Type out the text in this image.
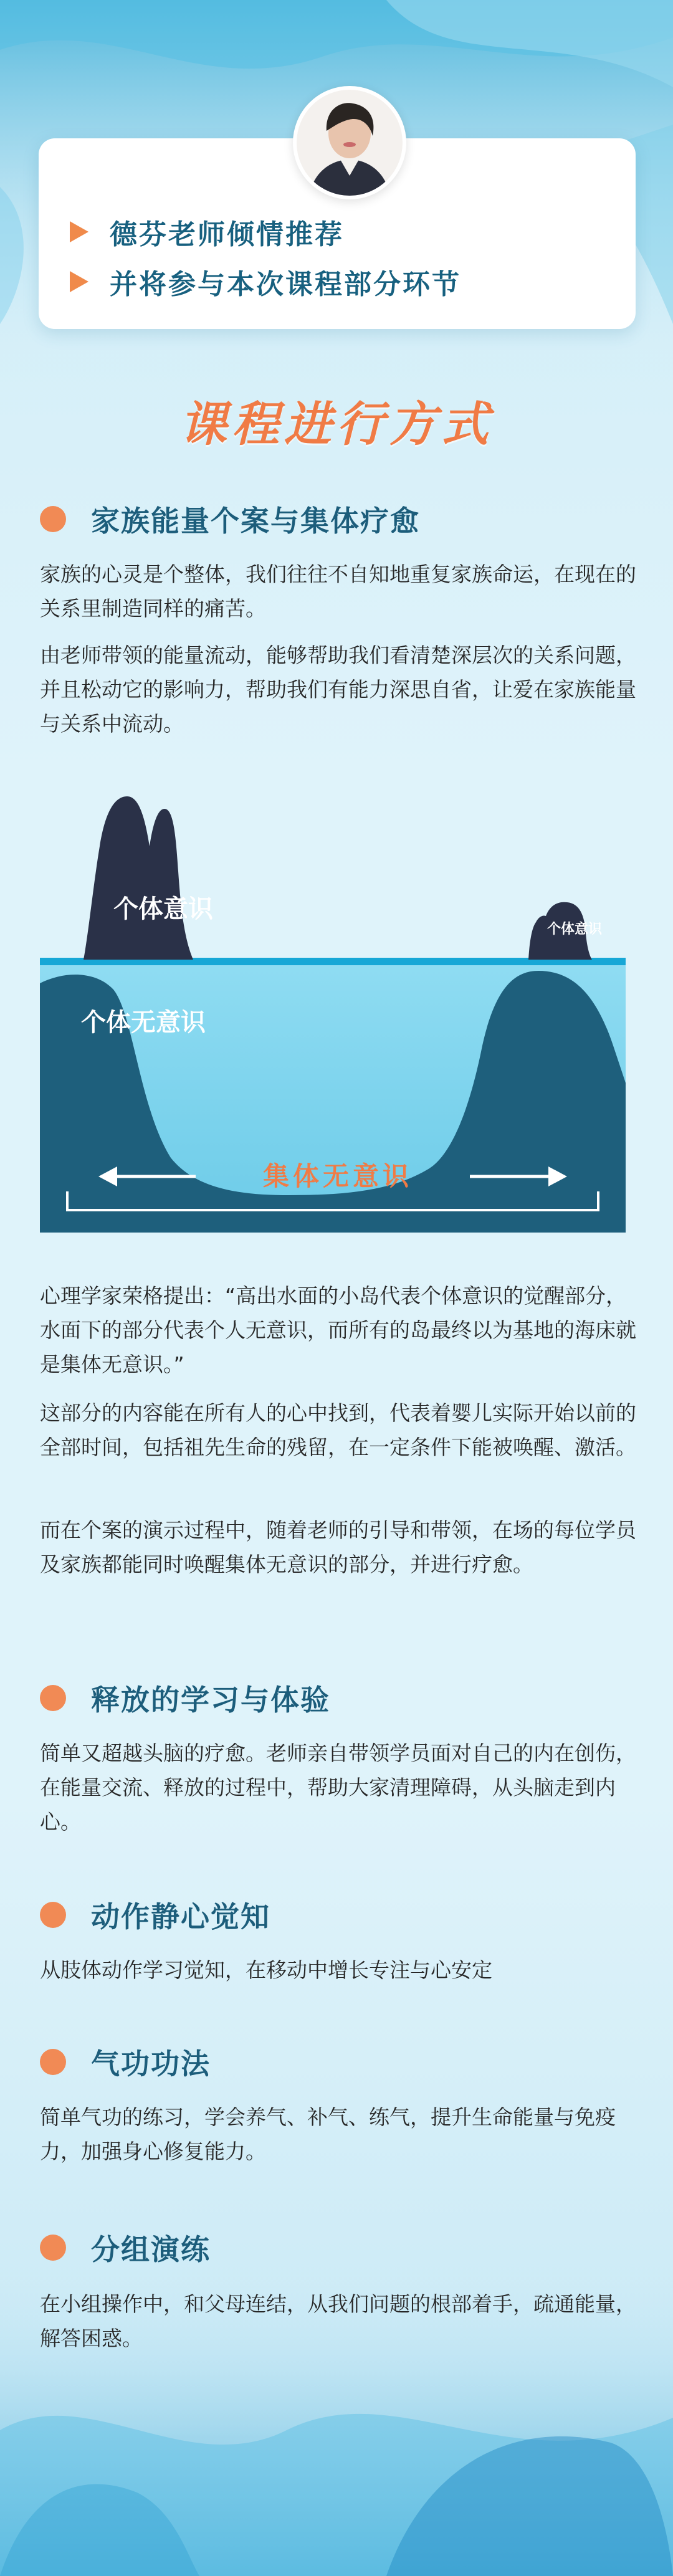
德芬老师倾情推荐
并将参与本次课程部分环节
课程进行方式
家族能量个案与集体疗愈
家族的心灵是个整体，我们往往不自知地重复家族命运，在现在的关系里制造同样的痛苦。
由老师带领的能量流动，能够帮助我们看清楚深层次的关系问题，并且松动它的影响力，帮助我们有能力深思自省，让爱在家族能量与关系中流动。
个体意识
个体意识
个体无意识
集体无意识
心理学家荣格提出：“高出水面的小岛代表个体意识的觉醒部分，水面下的部分代表个人无意识，而所有的岛最终以为基地的海床就是集体无意识。”
这部分的内容能在所有人的心中找到，代表着婴儿实际开始以前的全部时间，包括祖先生命的残留，在一定条件下能被唤醒、激活。
而在个案的演示过程中，随着老师的引导和带领，在场的每位学员及家族都能同时唤醒集体无意识的部分，并进行疗愈。
释放的学习与体验
简单又超越头脑的疗愈。老师亲自带领学员面对自己的内在创伤，在能量交流、释放的过程中，帮助大家清理障碍，从头脑走到内心。
动作静心觉知
从肢体动作学习觉知，在移动中增长专注与心安定
气功功法
简单气功的练习，学会养气、补气、练气，提升生命能量与免疫力，加强身心修复能力。
分组演练
在小组操作中，和父母连结，从我们问题的根部着手，疏通能量，解答困惑。
